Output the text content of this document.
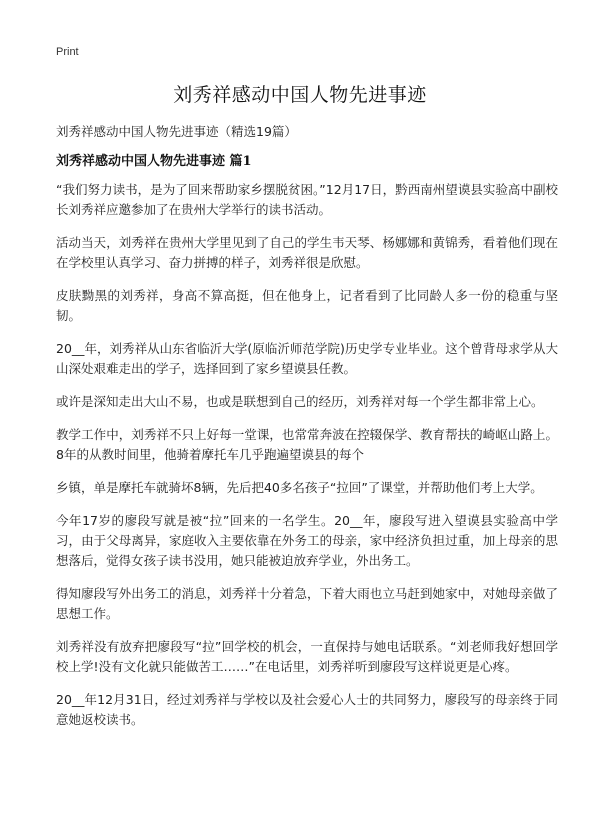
Print
刘秀祥感动中国人物先进事迹
刘秀祥感动中国人物先进事迹（精选19篇）
刘秀祥感动中国人物先进事迹 篇1

“我们努力读书，是为了回来帮助家乡摆脱贫困。”12月17日，黔西南州望谟县实验高中副校长刘秀祥应邀参加了在贵州大学举行的读书活动。

活动当天，刘秀祥在贵州大学里见到了自己的学生韦天琴、杨娜娜和黄锦秀，看着他们现在在学校里认真学习、奋力拼搏的样子，刘秀祥很是欣慰。

皮肤黝黑的刘秀祥，身高不算高挺，但在他身上，记者看到了比同龄人多一份的稳重与坚韧。

20__年，刘秀祥从山东省临沂大学(原临沂师范学院)历史学专业毕业。这个曾背母求学从大山深处艰难走出的学子，选择回到了家乡望谟县任教。

或许是深知走出大山不易，也或是联想到自己的经历，刘秀祥对每一个学生都非常上心。

教学工作中，刘秀祥不只上好每一堂课，也常常奔波在控辍保学、教育帮扶的崎岖山路上。8年的从教时间里，他骑着摩托车几乎跑遍望谟县的每个

乡镇，单是摩托车就骑坏8辆，先后把40多名孩子“拉回”了课堂，并帮助他们考上大学。

今年17岁的廖段写就是被“拉”回来的一名学生。20__年，廖段写进入望谟县实验高中学习，由于父母离异，家庭收入主要依靠在外务工的母亲，家中经济负担过重，加上母亲的思想落后，觉得女孩子读书没用，她只能被迫放弃学业，外出务工。

得知廖段写外出务工的消息，刘秀祥十分着急，下着大雨也立马赶到她家中，对她母亲做了思想工作。

刘秀祥没有放弃把廖段写“拉”回学校的机会，一直保持与她电话联系。“刘老师我好想回学校上学!没有文化就只能做苦工……”在电话里，刘秀祥听到廖段写这样说更是心疼。

20__年12月31日，经过刘秀祥与学校以及社会爱心人士的共同努力，廖段写的母亲终于同意她返校读书。
